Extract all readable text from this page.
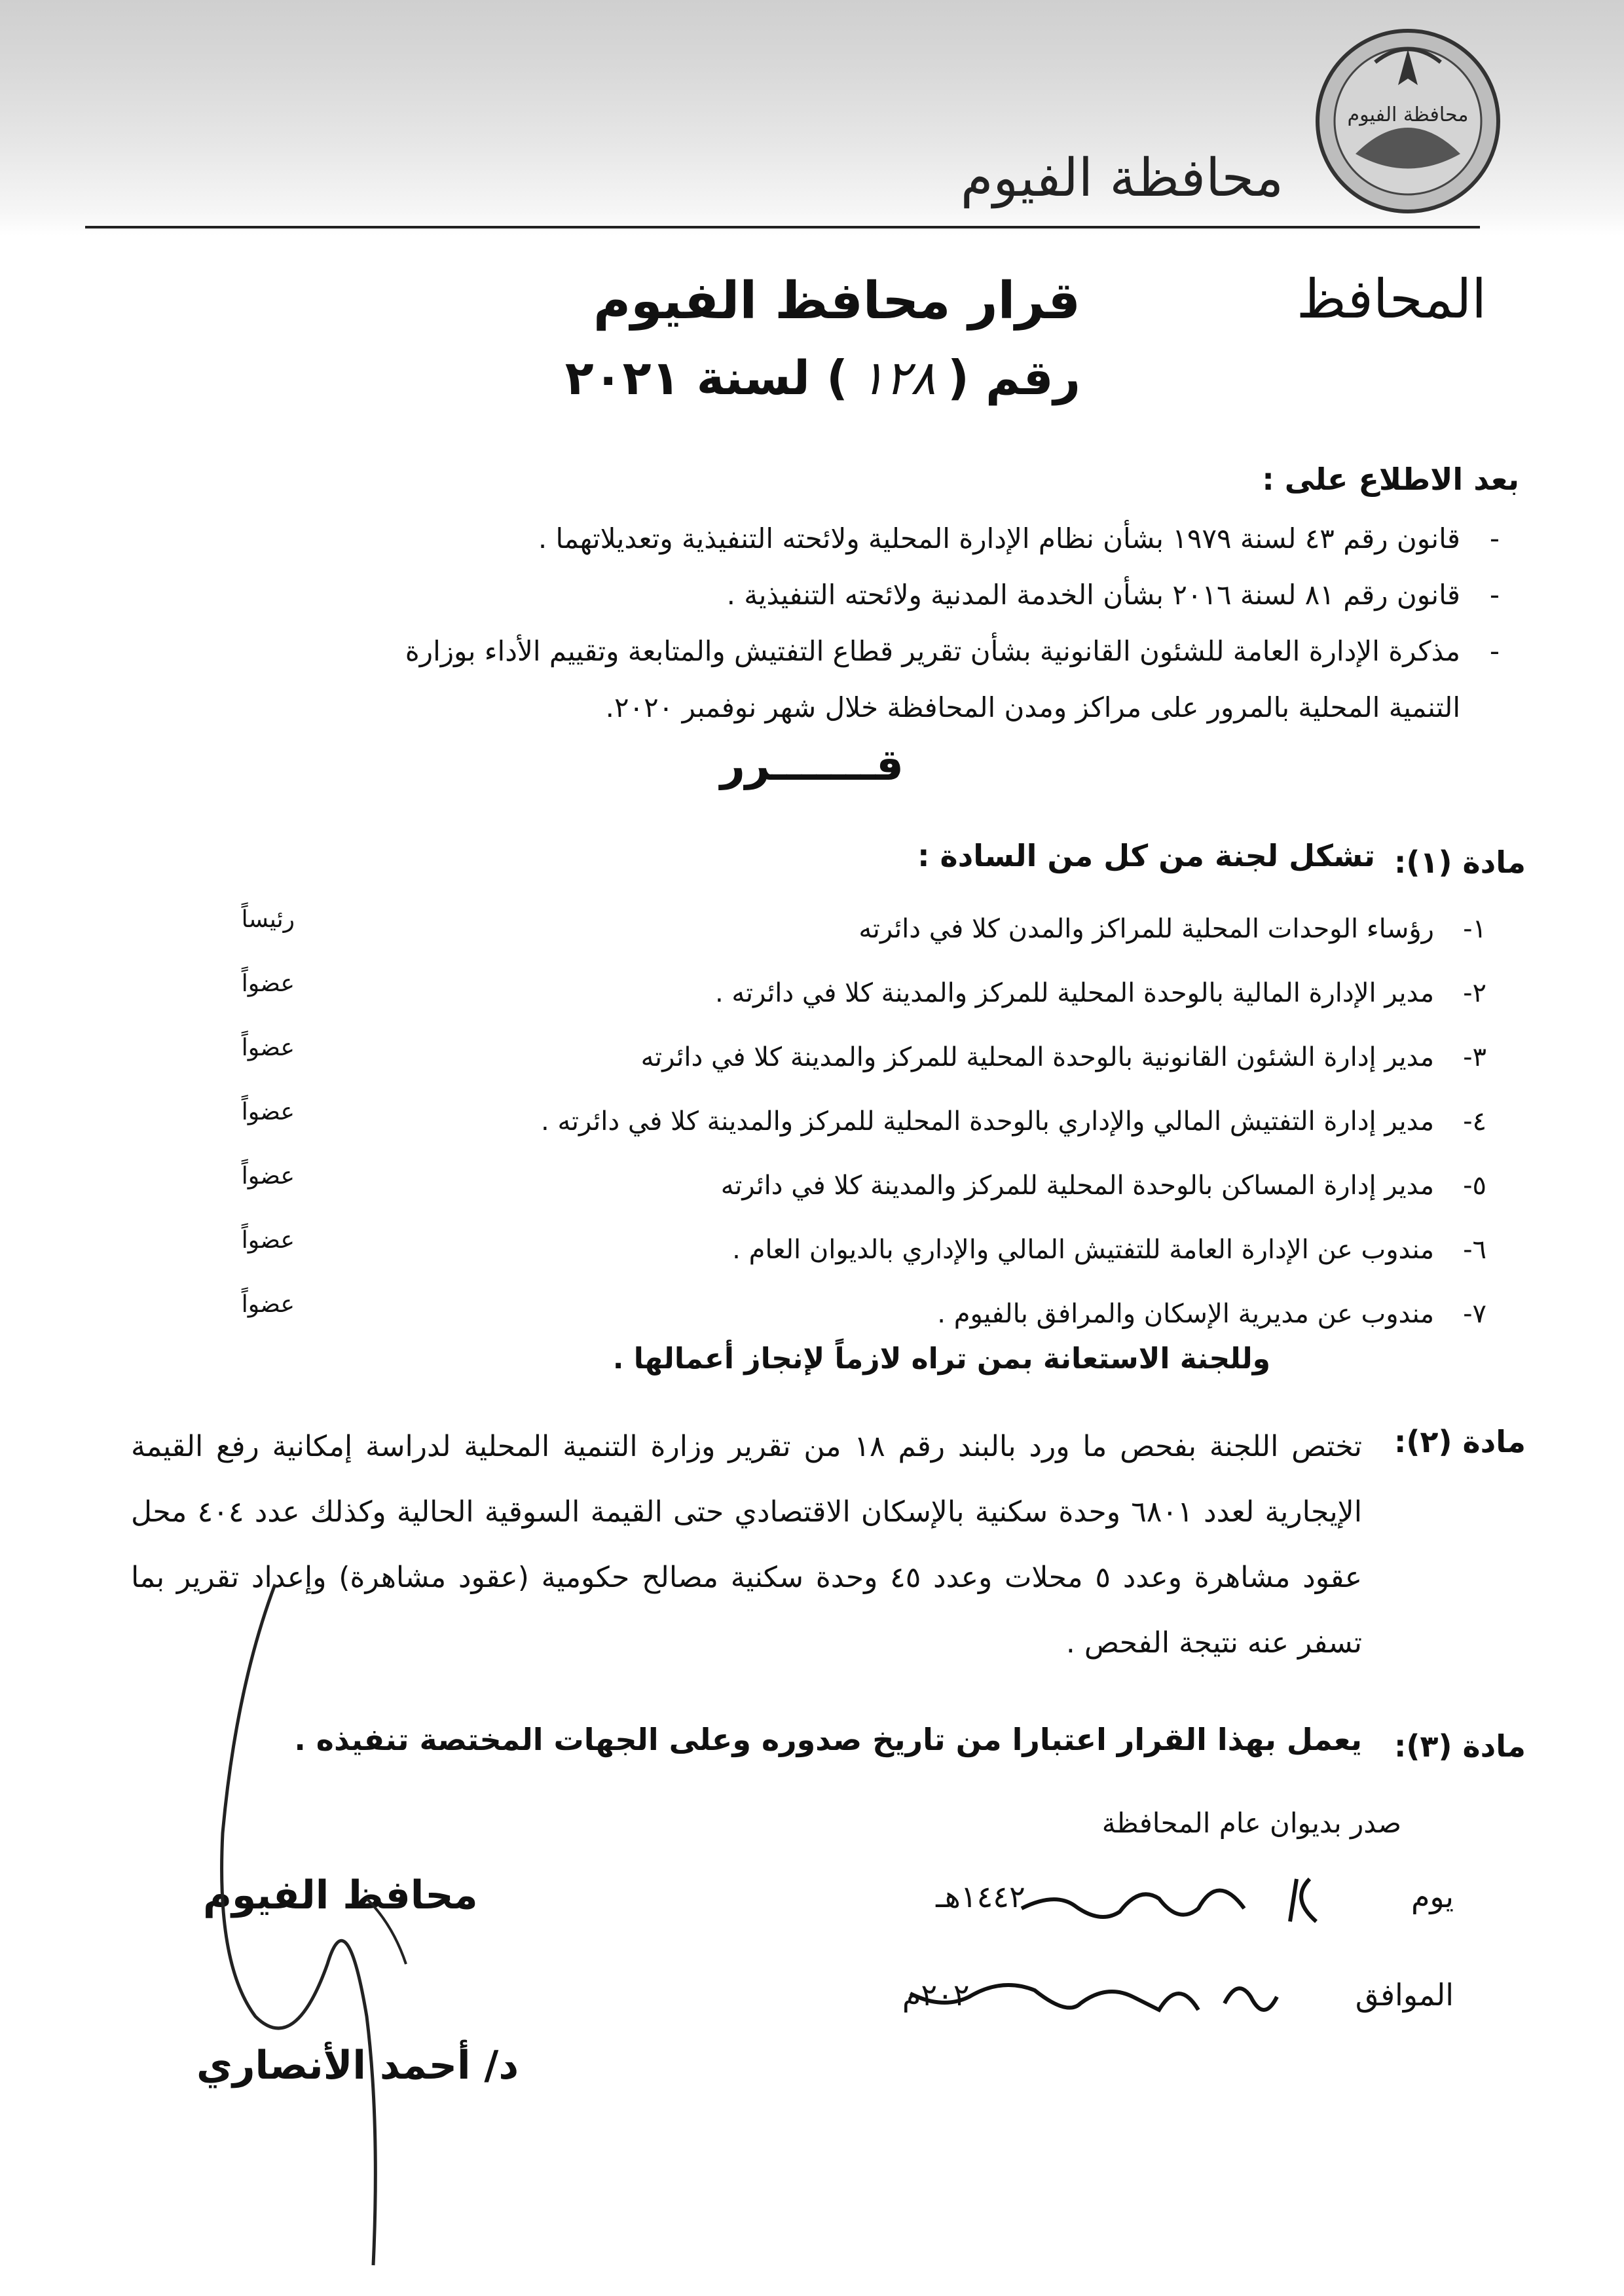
محافظة الفيوم
محافظة الفيوم
المحافظ
قرار محافظ الفيوم
رقم (
١٢٨
) لسنة ٢٠٢١
بعد الاطلاع على :
-
قانون رقم ٤٣ لسنة ١٩٧٩ بشأن نظام الإدارة المحلية ولائحته التنفيذية وتعديلاتهما .
-
قانون رقم ٨١ لسنة ٢٠١٦ بشأن الخدمة المدنية ولائحته التنفيذية .
-
مذكرة الإدارة العامة للشئون القانونية بشأن تقرير قطاع التفتيش والمتابعة وتقييم الأداء بوزارة
التنمية المحلية بالمرور على مراكز ومدن المحافظة خلال شهر نوفمبر ٢٠٢٠.
قـــــــرر
مادة (١):
تشكل لجنة من كل من السادة :
١-
رؤساء الوحدات المحلية للمراكز والمدن كلا في دائرته
٢-
مدير الإدارة المالية بالوحدة المحلية للمركز والمدينة كلا في دائرته .
٣-
مدير إدارة الشئون القانونية بالوحدة المحلية للمركز والمدينة كلا في دائرته
٤-
مدير إدارة التفتيش المالي والإداري بالوحدة المحلية للمركز والمدينة كلا في دائرته .
٥-
مدير إدارة المساكن بالوحدة المحلية للمركز والمدينة كلا في دائرته
٦-
مندوب عن الإدارة العامة للتفتيش المالي والإداري بالديوان العام .
٧-
مندوب عن مديرية الإسكان والمرافق بالفيوم .
رئيساً
عضواً
عضواً
عضواً
عضواً
عضواً
عضواً
وللجنة الاستعانة بمن تراه لازماً لإنجاز أعمالها .
مادة (٢):
تختص اللجنة بفحص ما ورد بالبند رقم ١٨ من تقرير وزارة التنمية المحلية لدراسة إمكانية رفع القيمة الإيجارية لعدد ٦٨٠١ وحدة سكنية بالإسكان الاقتصادي حتى القيمة السوقية الحالية وكذلك عدد ٤٠٤ محل عقود مشاهرة وعدد ٥ محلات وعدد ٤٥ وحدة سكنية مصالح حكومية (عقود مشاهرة) وإعداد تقرير بما تسفر عنه نتيجة الفحص .
مادة (٣):
يعمل بهذا القرار اعتبارا من تاريخ صدوره وعلى الجهات المختصة تنفيذه .
صدر بديوان عام المحافظة
يوم  ١٤٤٢هـ
الموافق  ٢٠٢م
محافظ الفيوم
د/ أحمد الأنصاري
